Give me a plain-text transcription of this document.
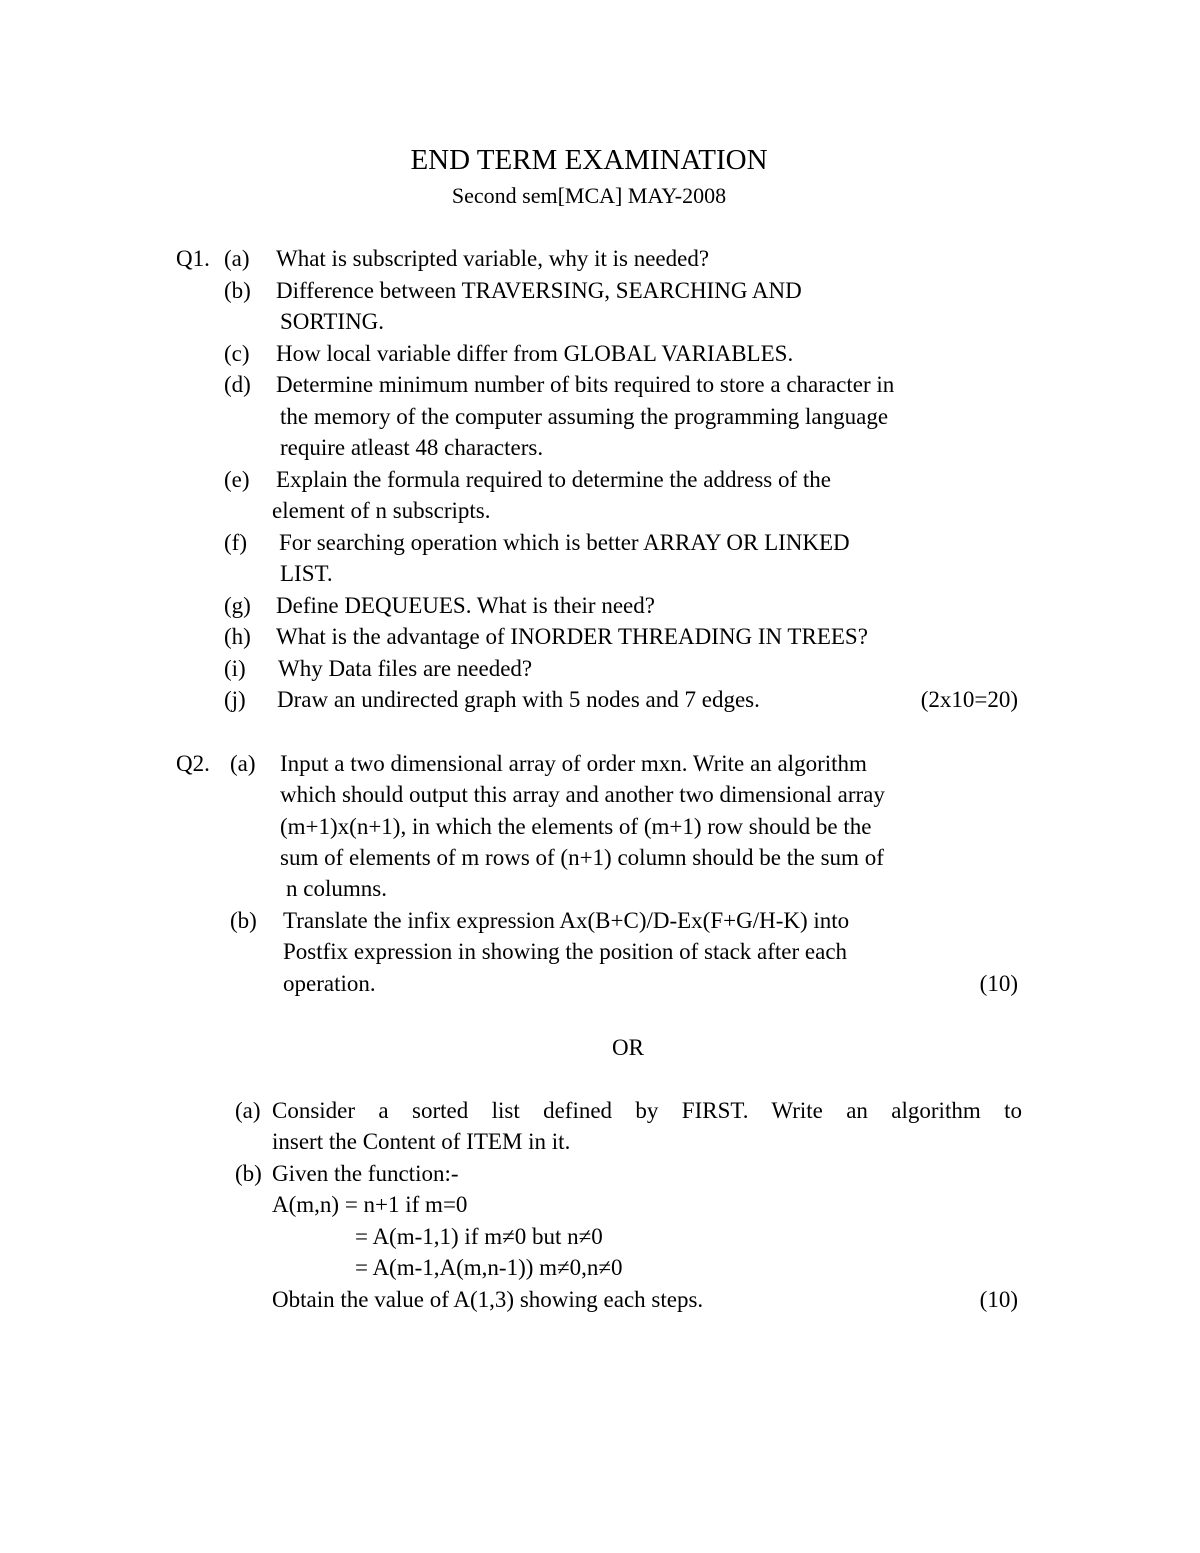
END TERM EXAMINATION
Second sem[MCA] MAY-2008
Q1. (a) What is subscripted variable, why it is needed?
(b) Difference between TRAVERSING, SEARCHING AND
SORTING.
(c) How local variable differ from GLOBAL VARIABLES.
(d) Determine minimum number of bits required to store a character in
the memory of the computer assuming the programming language
require atleast 48 characters.
(e) Explain the formula required to determine the address of the
element of n subscripts.
(f) For searching operation which is better ARRAY OR LINKED
LIST.
(g) Define DEQUEUES. What is their need?
(h) What is the advantage of INORDER THREADING IN TREES?
(i) Why Data files are needed?
(j) Draw an undirected graph with 5 nodes and 7 edges.	(2x10=20)
Q2. (a) Input a two dimensional array of order mxn. Write an algorithm
which should output this array and another two dimensional array
(m+1)x(n+1), in which the elements of (m+1) row should be the
sum of elements of m rows of (n+1) column should be the sum of
n columns.
(b) Translate the infix expression Ax(B+C)/D-Ex(F+G/H-K) into
Postfix expression in showing the position of stack after each
operation.	(10)
OR
(a) Consider a sorted list defined by FIRST. Write an algorithm to
insert the Content of ITEM in it.
(b) Given the function:-
A(m,n) = n+1 if m=0
= A(m-1,1) if m≠0 but n≠0
= A(m-1,A(m,n-1)) m≠0,n≠0
Obtain the value of A(1,3) showing each steps.	(10)
